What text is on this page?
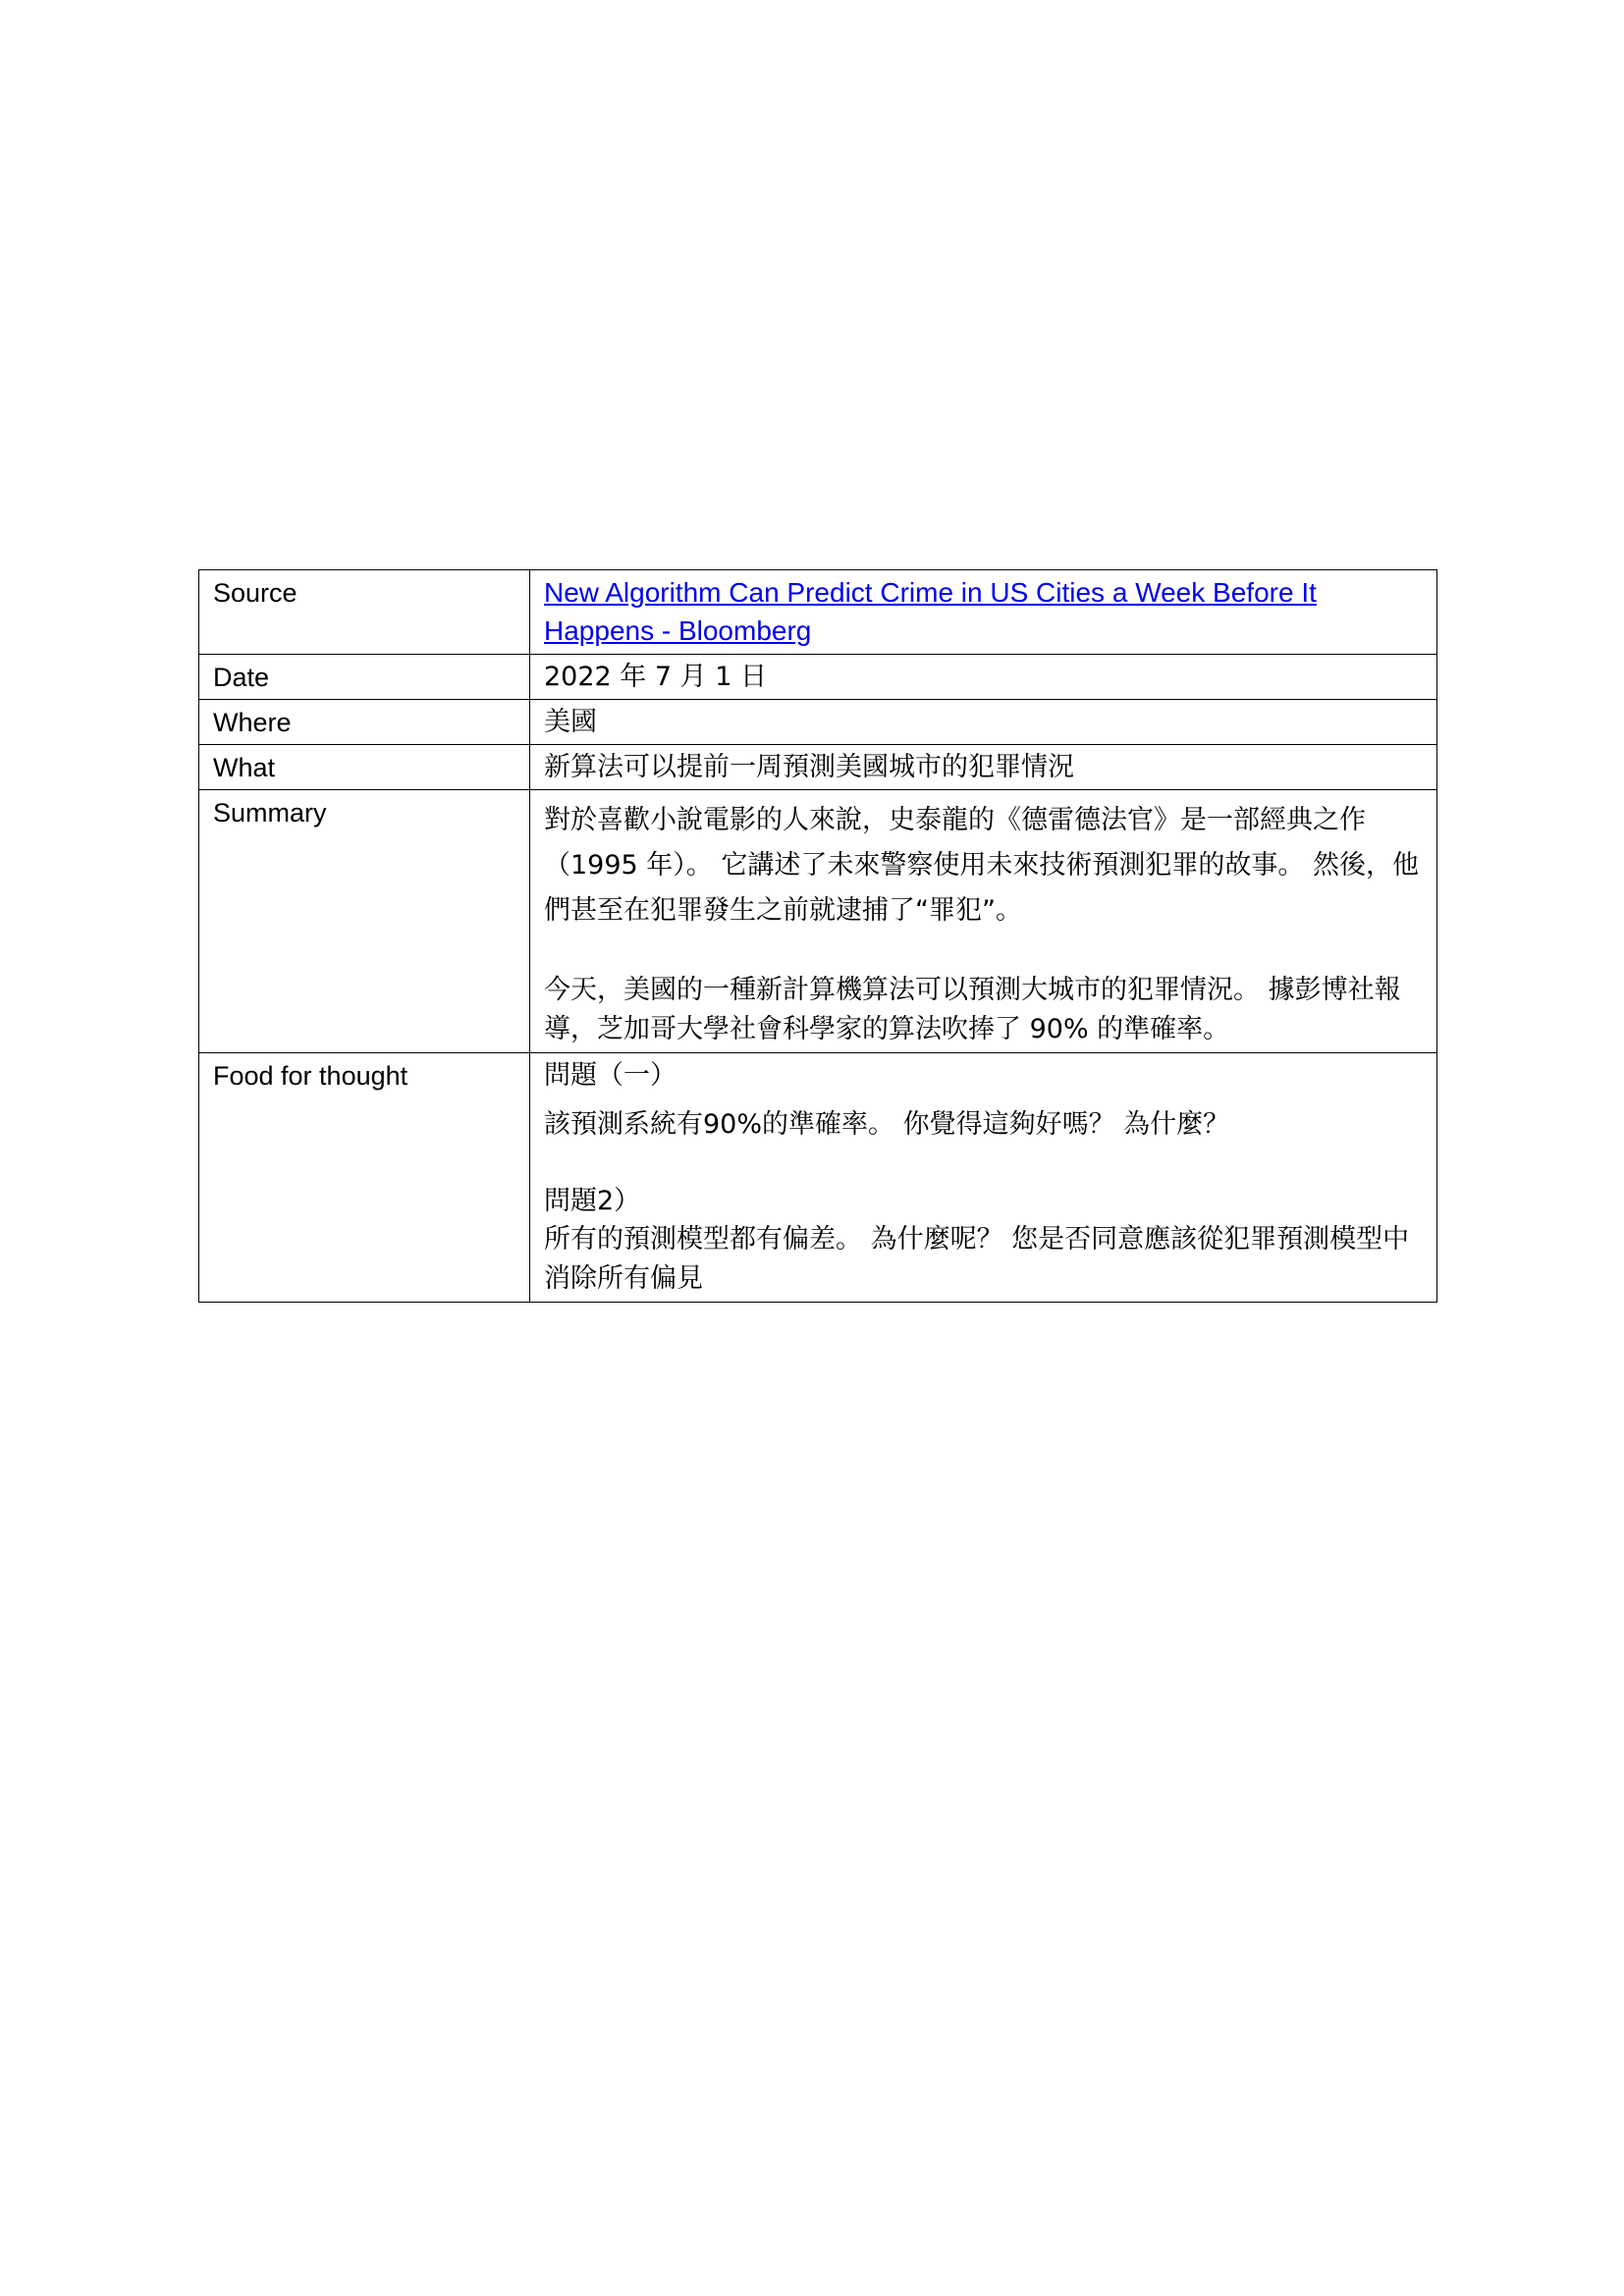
Source	New Algorithm Can Predict Crime in US Cities a Week Before It Happens - Bloomberg
Date	2022 年 7 月 1 日
Where	美國
What	新算法可以提前一周預測美國城市的犯罪情況
Summary	對於喜歡小說電影的人來說，史泰龍的《德雷德法官》是一部經典之作（1995 年）。 它講述了未來警察使用未來技術預測犯罪的故事。 然後，他們甚至在犯罪發生之前就逮捕了“罪犯”。
今天，美國的一種新計算機算法可以預測大城市的犯罪情況。 據彭博社報導，芝加哥大學社會科學家的算法吹捧了 90% 的準確率。

Food for thought	問題（一）
該預測系統有90%的準確率。 你覺得這夠好嗎？ 為什麼？
問題2）
所有的預測模型都有偏差。 為什麼呢？ 您是否同意應該從犯罪預測模型中消除所有偏見
